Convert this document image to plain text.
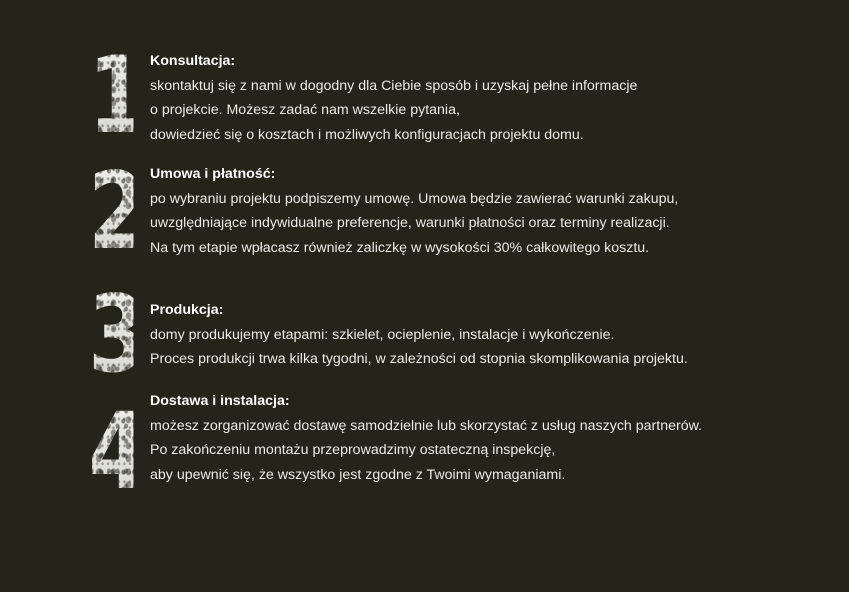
1 Konsultacja:
skontaktuj się z nami w dogodny dla Ciebie sposób i uzyskaj pełne informacje
o projekcie. Możesz zadać nam wszelkie pytania,
dowiedzieć się o kosztach i możliwych konfiguracjach projektu domu.
2 Umowa i płatność:
po wybraniu projektu podpiszemy umowę. Umowa będzie zawierać warunki zakupu,
uwzględniające indywidualne preferencje, warunki płatności oraz terminy realizacji.
Na tym etapie wpłacasz również zaliczkę w wysokości 30% całkowitego kosztu.
3 Produkcja:
domy produkujemy etapami: szkielet, ocieplenie, instalacje i wykończenie.
Proces produkcji trwa kilka tygodni, w zależności od stopnia skomplikowania projektu.
4 Dostawa i instalacja:
możesz zorganizować dostawę samodzielnie lub skorzystać z usług naszych partnerów.
Po zakończeniu montażu przeprowadzimy ostateczną inspekcję,
aby upewnić się, że wszystko jest zgodne z Twoimi wymaganiami.
